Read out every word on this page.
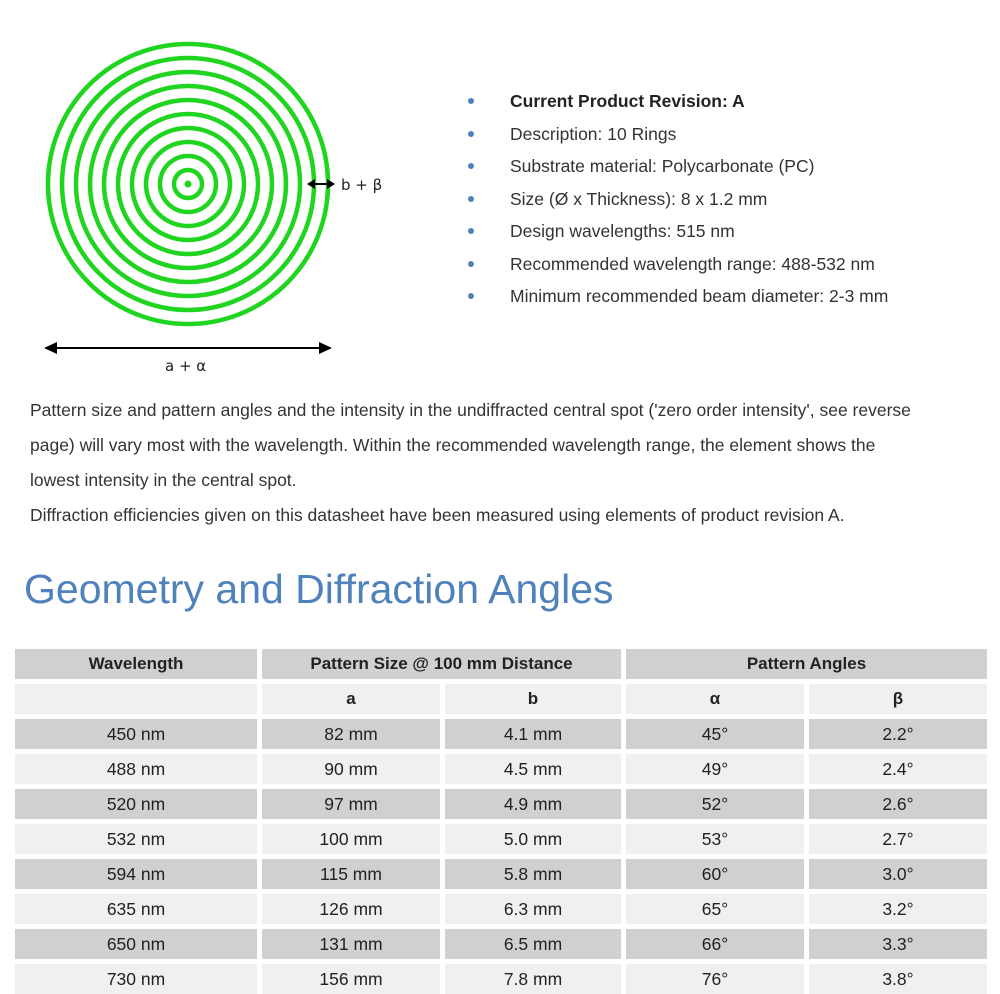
b + β
a + α
Current Product Revision: A
Description: 10 Rings
Substrate material: Polycarbonate (PC)
Size (Ø x Thickness): 8 x 1.2 mm
Design wavelengths: 515 nm
Recommended wavelength range: 488-532 nm
Minimum recommended beam diameter: 2-3 mm

Pattern size and pattern angles and the intensity in the undiffracted central spot ('zero order intensity', see reverse

page) will vary most with the wavelength. Within the recommended wavelength range, the element shows the

lowest intensity in the central spot.

Diffraction efficiencies given on this datasheet have been measured using elements of product revision A.

Geometry and Diffraction Angles
Wavelength	Pattern Size @ 100 mm Distance		Pattern Angles	
	a	b	α	β
450 nm	82 mm	4.1 mm	45°	2.2°
488 nm	90 mm	4.5 mm	49°	2.4°
520 nm	97 mm	4.9 mm	52°	2.6°
532 nm	100 mm	5.0 mm	53°	2.7°
594 nm	115 mm	5.8 mm	60°	3.0°
635 nm	126 mm	6.3 mm	65°	3.2°
650 nm	131 mm	6.5 mm	66°	3.3°
730 nm	156 mm	7.8 mm	76°	3.8°
